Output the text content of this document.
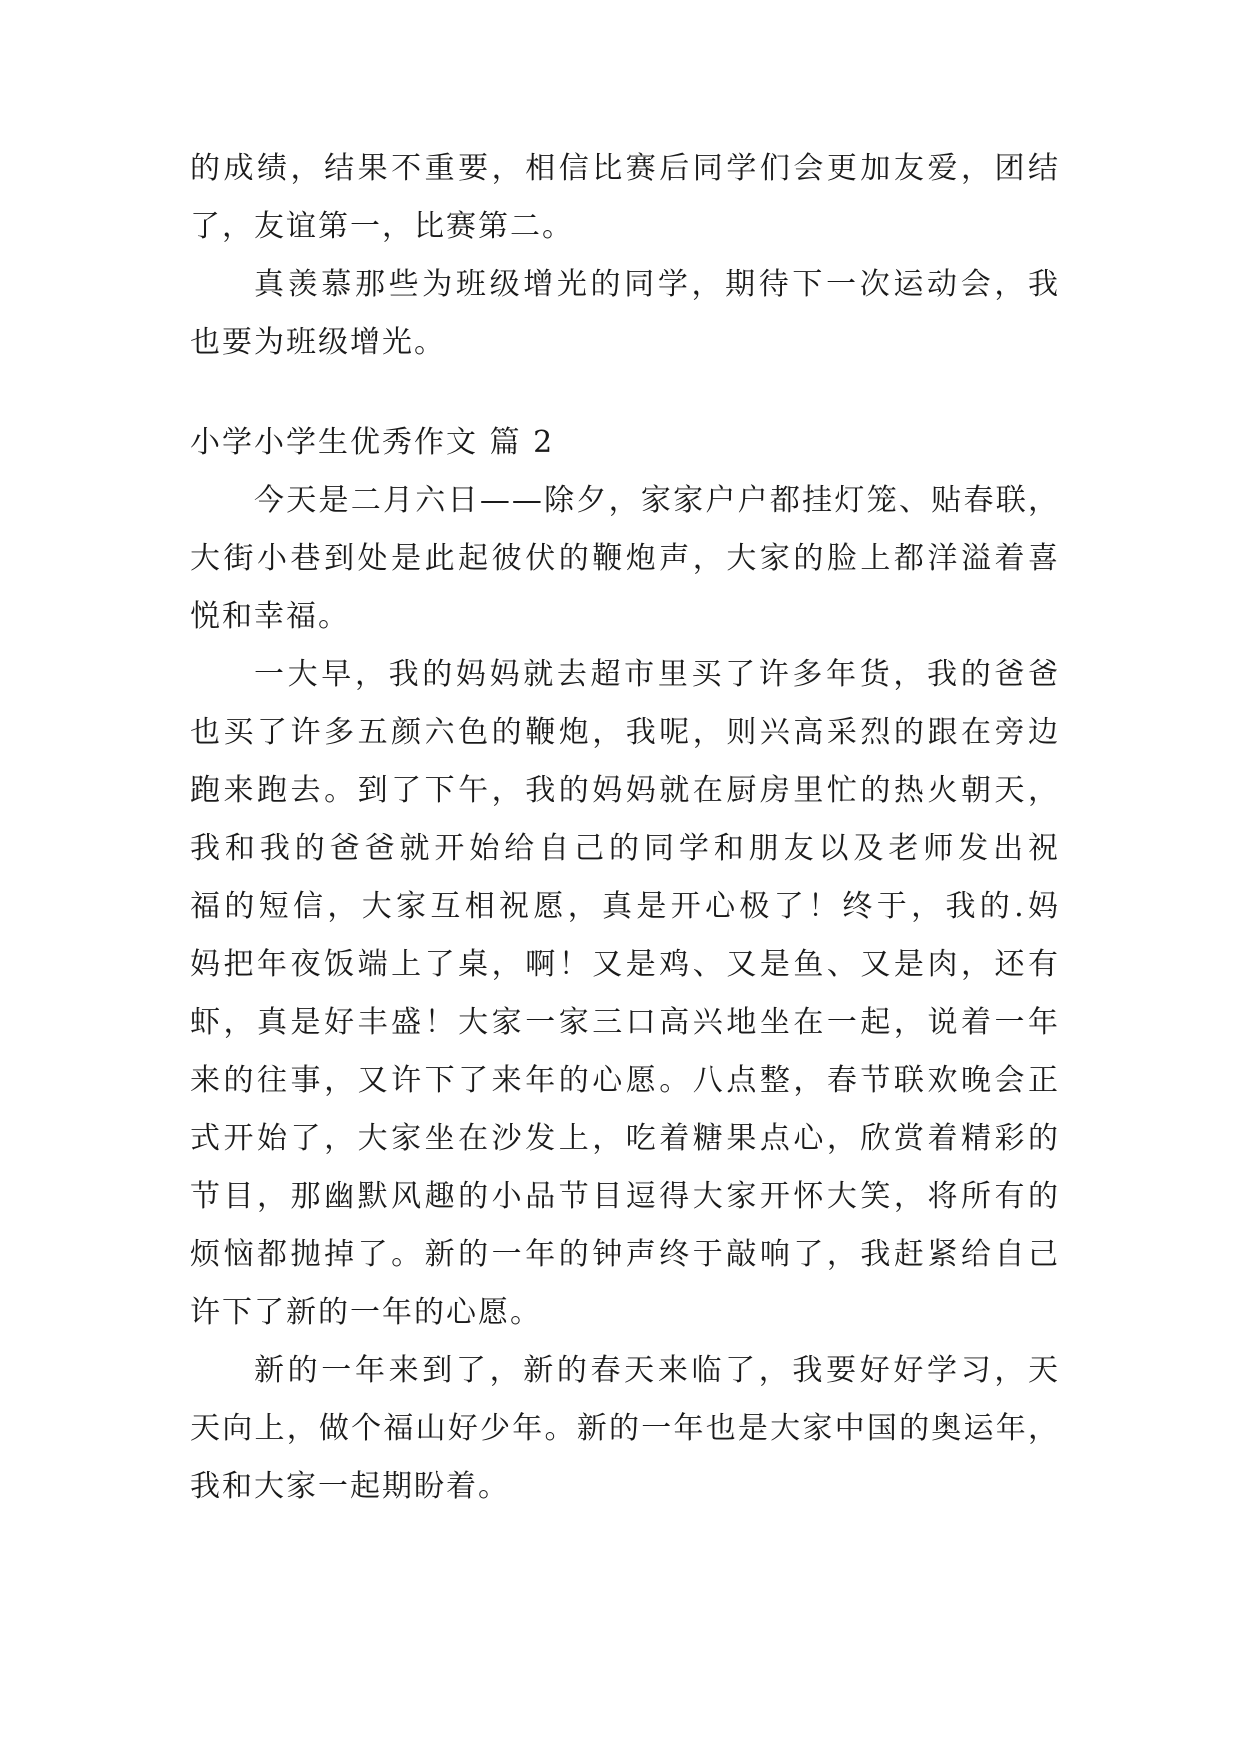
的成绩，结果不重要，相信比赛后同学们会更加友爱，团结
了，友谊第一，比赛第二。
真羡慕那些为班级增光的同学，期待下一次运动会，我
也要为班级增光。
小学小学生优秀作文 篇 2
今天是二月六日——除夕，家家户户都挂灯笼、贴春联，
大街小巷到处是此起彼伏的鞭炮声，大家的脸上都洋溢着喜
悦和幸福。
一大早，我的妈妈就去超市里买了许多年货，我的爸爸
也买了许多五颜六色的鞭炮，我呢，则兴高采烈的跟在旁边
跑来跑去。到了下午，我的妈妈就在厨房里忙的热火朝天，
我和我的爸爸就开始给自己的同学和朋友以及老师发出祝
福的短信，大家互相祝愿，真是开心极了！终于，我的.妈
妈把年夜饭端上了桌，啊！又是鸡、又是鱼、又是肉，还有
虾，真是好丰盛！大家一家三口高兴地坐在一起，说着一年
来的往事，又许下了来年的心愿。八点整，春节联欢晚会正
式开始了，大家坐在沙发上，吃着糖果点心，欣赏着精彩的
节目，那幽默风趣的小品节目逗得大家开怀大笑，将所有的
烦恼都抛掉了。新的一年的钟声终于敲响了，我赶紧给自己
许下了新的一年的心愿。
新的一年来到了，新的春天来临了，我要好好学习，天
天向上，做个福山好少年。新的一年也是大家中国的奥运年，
我和大家一起期盼着。
